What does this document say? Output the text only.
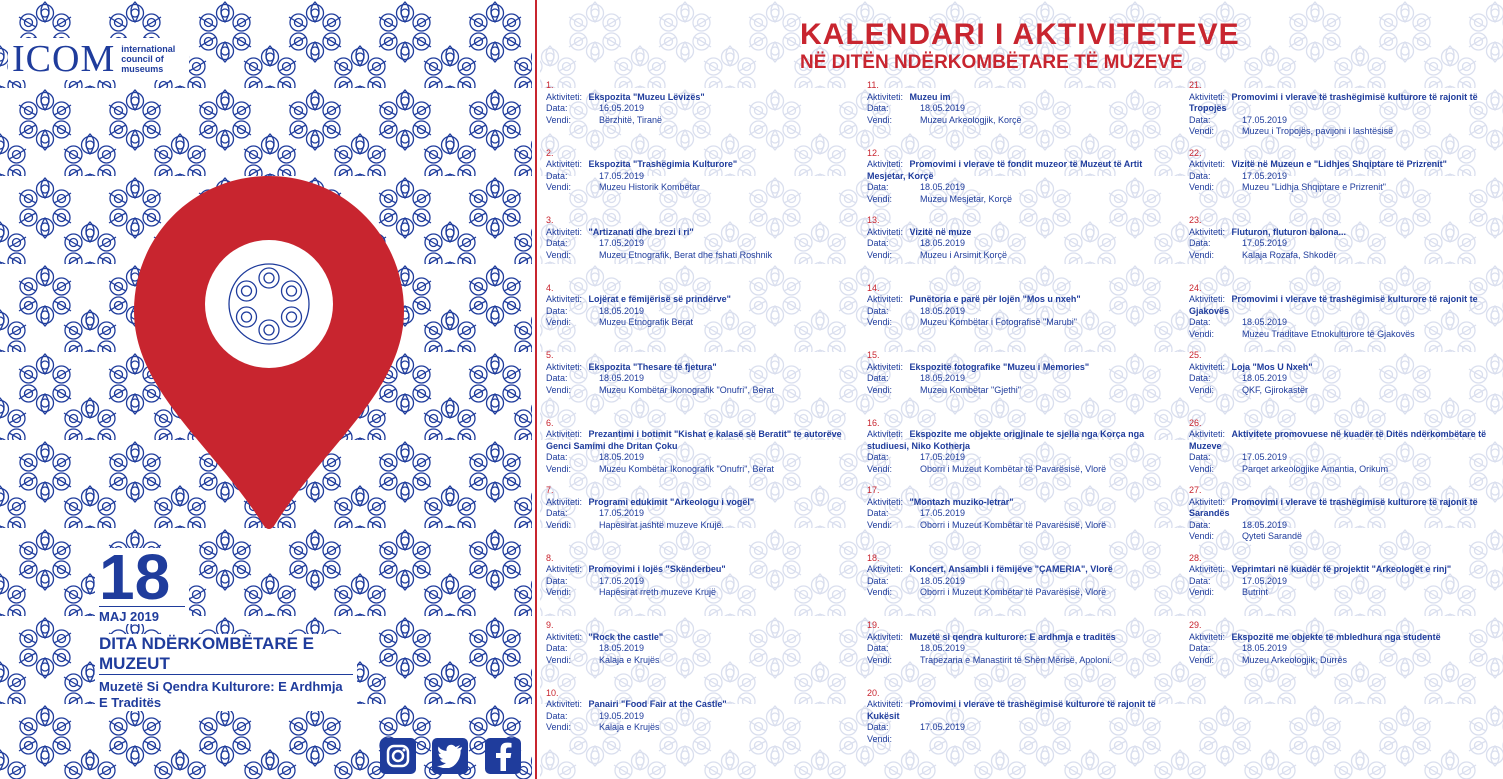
ICOM international council of museums
18
MAJ 2019
DITA NDËRKOMBËTARE E MUZEUT
Muzetë Si Qendra Kulturore: E Ardhmja E Traditës
KALENDARI I AKTIVITETEVE
NË DITËN NDËRKOMBËTARE TË MUZEVE
1.
Aktiviteti: Ekspozita "Muzeu Lëvizës"
Data:	16.05.2019
Vendi:	Bërzhitë, Tiranë
2.
Aktiviteti: Ekspozita "Trashëgimia Kulturore"
Data:	17.05.2019
Vendi:	Muzeu Historik Kombëtar
3.
Aktiviteti: "Artizanati dhe brezi i ri"
Data:	17.05.2019
Vendi:	Muzeu Etnografik, Berat dhe fshati Roshnik
4.
Aktiviteti: Lojërat e fëmijërisë së prindërve"
Data:	18.05.2019
Vendi:	Muzeu Etnografik Berat
5.
Aktiviteti: Ekspozita "Thesare të fjetura"
Data:	18.05.2019
Vendi:	Muzeu Kombëtar Ikonografik "Onufri", Berat
6.
Aktiviteti: Prezantimi i botimit "Kishat e kalasë së Beratit" te autorëve Genci Samimi dhe Dritan Çoku
Data:	18.05.2019
Vendi:	Muzeu Kombëtar Ikonografik "Onufri", Berat
7.
Aktiviteti: Programi edukimit "Arkeologu i vogël"
Data:	17.05.2019
Vendi:	Hapësirat jashtë muzeve Krujë.
8.
Aktiviteti: Promovimi i lojës "Skënderbeu"
Data:	17.05.2019
Vendi:	Hapësirat rreth muzeve Krujë
9.
Aktiviteti: "Rock the castle"
Data:	18.05.2019
Vendi:	Kalaja e Krujës
10.
Aktiviteti: Panairi "Food Fair at the Castle"
Data:	19.05.2019
Vendi:	Kalaja e Krujës
11.
Aktiviteti: Muzeu im
Data:	18.05.2019
Vendi:	Muzeu Arkeologjik, Korçë
12.
Aktiviteti: Promovimi i vlerave të fondit muzeor të Muzeut të Artit Mesjetar, Korçë
Data:	18.05.2019
Vendi:	Muzeu Mesjetar, Korçë
13.
Aktiviteti: Vizitë në muze
Data:	18.05.2019
Vendi:	Muzeu i Arsimit Korçë
14.
Aktiviteti: Punëtoria e parë për lojën "Mos u nxeh"
Data:	18.05.2019
Vendi:	Muzeu Kombëtar i Fotografisë "Marubi"
15.
Aktiviteti: Ekspozitë fotografike "Muzeu i Memories"
Data:	18.05.2019
Vendi:	Muzeu Kombëtar "Gjethi"
16.
Aktiviteti: Ekspozite me objekte origjinale te sjella nga Korça nga studiuesi, Niko Kotherja
Data:	17.05.2019
Vendi:	Oborri i Muzeut Kombëtar të Pavarësisë, Vlorë
17.
Aktiviteti: "Montazh muziko-letrar"
Data:	17.05.2019
Vendi:	Oborri i Muzeut Kombëtar të Pavarësisë, Vlorë
18.
Aktiviteti: Koncert, Ansambli i fëmijëve "ÇAMERIA", Vlorë
Data:	18.05.2019
Vendi:	Oborri i Muzeut Kombëtar të Pavarësisë, Vlorë
19.
Aktiviteti: Muzetë si qendra kulturore: E ardhmja e traditës
Data:	18.05.2019
Vendi:	Trapezaria e Manastirit të Shën Mërisë, Apoloni.
20.
Aktiviteti: Promovimi i vlerave të trashëgimisë kulturore të rajonit të Kukësit
Data:	17.05.2019
Vendi:
21.
Aktiviteti: Promovimi i vlerave të trashëgimisë kulturore të rajonit të Tropojës
Data:	17.05.2019
Vendi:	Muzeu i Tropojës, pavijoni i lashtësisë
22.
Aktiviteti: Vizitë në Muzeun e "Lidhjes Shqiptare të Prizrenit"
Data:	17.05.2019
Vendi:	Muzeu "Lidhja Shqiptare e Prizrenit"
23.
Aktiviteti: Fluturon, fluturon balona...
Data:	17.05.2019
Vendi:	Kalaja Rozafa, Shkodër
24.
Aktiviteti: Promovimi i vlerave të trashëgimisë kulturore të rajonit te Gjakovës
Data:	18.05.2019
Vendi:	Muzeu Traditave Etnokulturore të Gjakovës
25.
Aktiviteti: Loja "Mos U Nxeh"
Data:	18.05.2019
Vendi:	QKF, Gjirokastër
26.
Aktiviteti: Aktivitete promovuese në kuadër të Ditës ndërkombëtare të Muzeve
Data:	17.05.2019
Vendi:	Parqet arkeologjike Amantia, Orikum
27.
Aktiviteti: Promovimi i vlerave të trashëgimisë kulturore të rajonit të Sarandës
Data:	18.05.2019
Vendi:	Qyteti Sarandë
28.
Aktiviteti: Veprimtari në kuadër të projektit "Arkeologët e rinj"
Data:	17.05.2019
Vendi:	Butrint
29.
Aktiviteti: Ekspozitë me objekte të mbledhura nga studentë
Data:	18.05.2019
Vendi:	Muzeu Arkeologjik, Durrës
